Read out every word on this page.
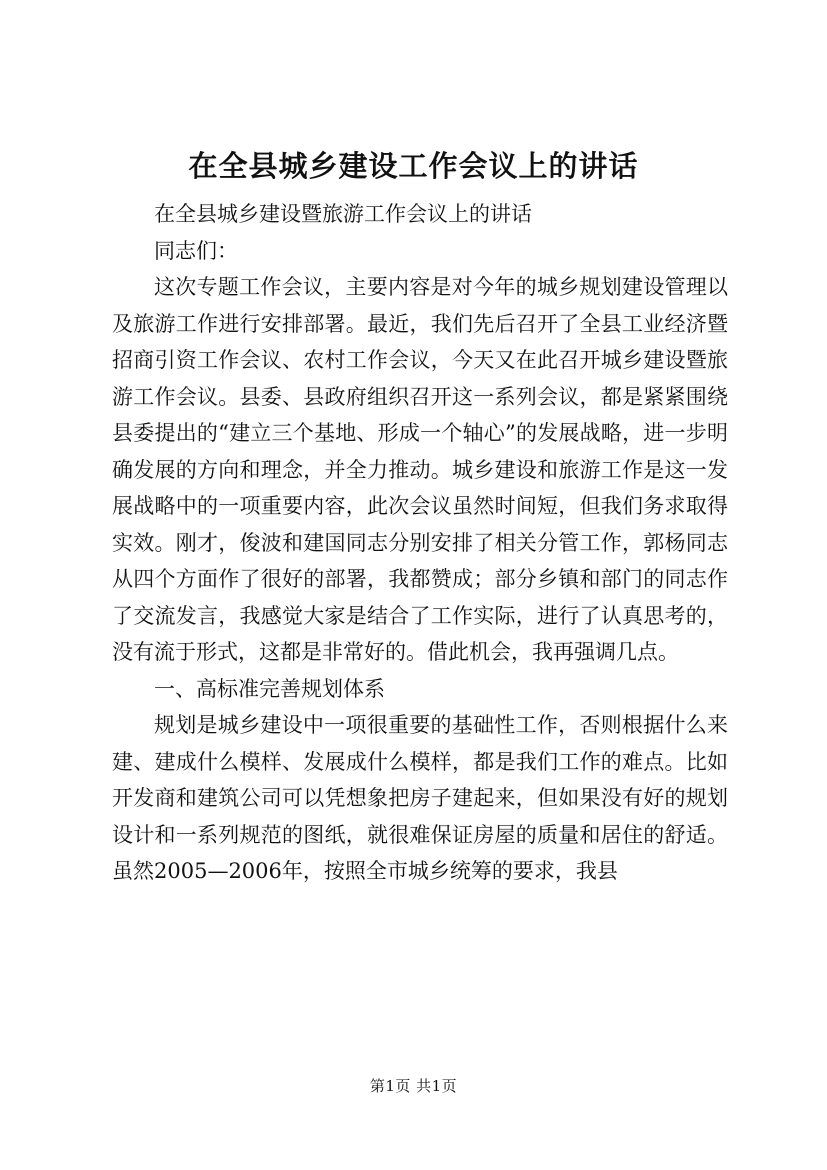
在全县城乡建设工作会议上的讲话

在全县城乡建设暨旅游工作会议上的讲话

同志们：

这次专题工作会议，主要内容是对今年的城乡规划建设管理以及旅游工作进行安排部署。最近，我们先后召开了全县工业经济暨招商引资工作会议、农村工作会议，今天又在此召开城乡建设暨旅游工作会议。县委、县政府组织召开这一系列会议，都是紧紧围绕县委提出的“建立三个基地、形成一个轴心”的发展战略，进一步明确发展的方向和理念，并全力推动。城乡建设和旅游工作是这一发展战略中的一项重要内容，此次会议虽然时间短，但我们务求取得实效。刚才，俊波和建国同志分别安排了相关分管工作，郭杨同志从四个方面作了很好的部署，我都赞成；部分乡镇和部门的同志作了交流发言，我感觉大家是结合了工作实际，进行了认真思考的，没有流于形式，这都是非常好的。借此机会，我再强调几点。

一、高标准完善规划体系

规划是城乡建设中一项很重要的基础性工作，否则根据什么来建、建成什么模样、发展成什么模样，都是我们工作的难点。比如开发商和建筑公司可以凭想象把房子建起来，但如果没有好的规划设计和一系列规范的图纸，就很难保证房屋的质量和居住的舒适。虽然2005—2006年，按照全市城乡统筹的要求，我县

第1页 共1页
